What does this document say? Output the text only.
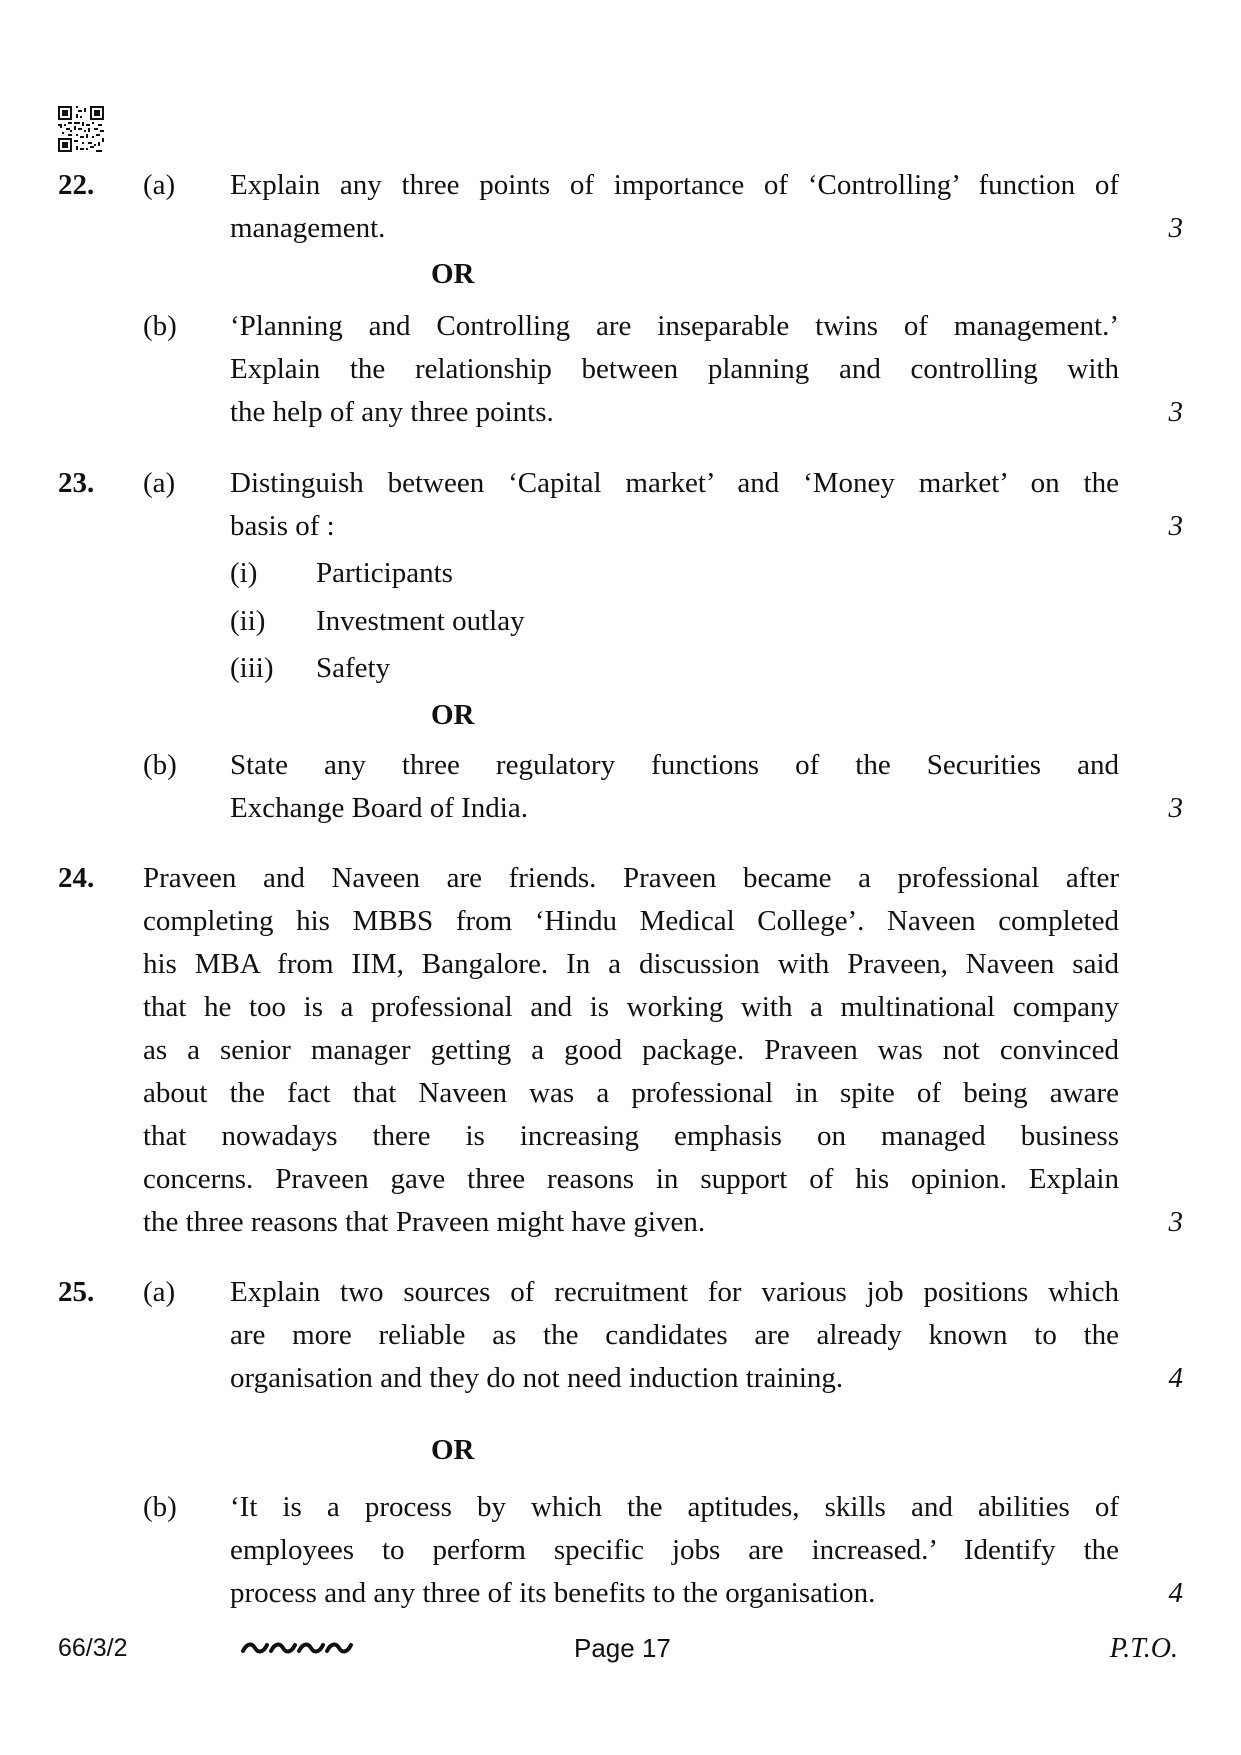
22. (a) Explain any three points of importance of ‘Controlling’ function of
management.	3
OR
(b) ‘Planning and Controlling are inseparable twins of management.’
Explain the relationship between planning and controlling with
the help of any three points.	3
23. (a) Distinguish between ‘Capital market’ and ‘Money market’ on the
basis of :	3
(i) Participants
(ii) Investment outlay
(iii) Safety
OR
(b) State any three regulatory functions of the Securities and
Exchange Board of India.	3
24. Praveen and Naveen are friends. Praveen became a professional after
completing his MBBS from ‘Hindu Medical College’. Naveen completed
his MBA from IIM, Bangalore. In a discussion with Praveen, Naveen said
that he too is a professional and is working with a multinational company
as a senior manager getting a good package. Praveen was not convinced
about the fact that Naveen was a professional in spite of being aware
that nowadays there is increasing emphasis on managed business
concerns. Praveen gave three reasons in support of his opinion. Explain
the three reasons that Praveen might have given.	3
25. (a) Explain two sources of recruitment for various job positions which
are more reliable as the candidates are already known to the
organisation and they do not need induction training.	4
OR
(b) ‘It is a process by which the aptitudes, skills and abilities of
employees to perform specific jobs are increased.’ Identify the
process and any three of its benefits to the organisation.	4
66/3/2	Page 17	P.T.O.
